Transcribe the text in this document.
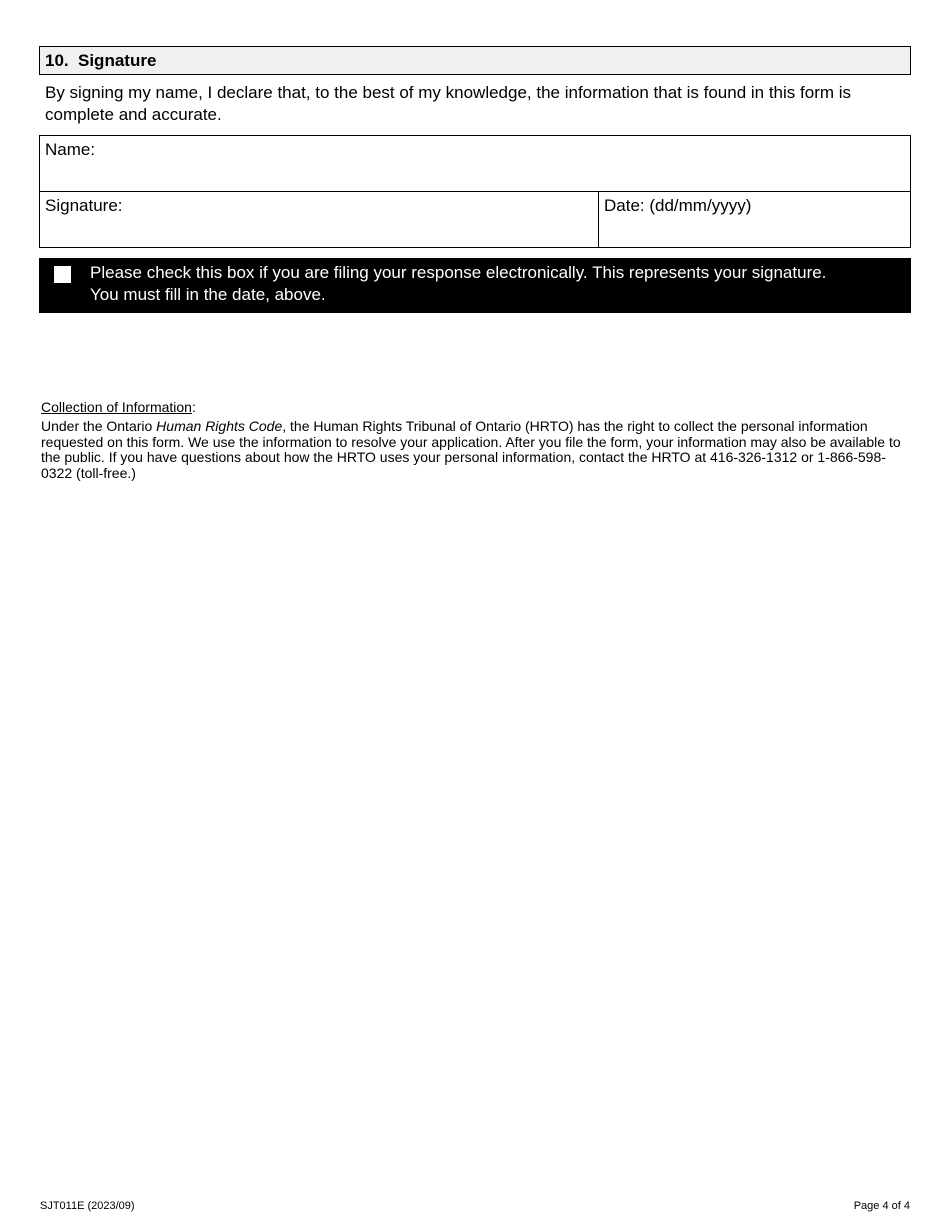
10. Signature
By signing my name, I declare that, to the best of my knowledge, the information that is found in this form is complete and accurate.
Name:
Signature:	Date: (dd/mm/yyyy)
Please check this box if you are filing your response electronically. This represents your signature.
You must fill in the date, above.
Collection of Information:
Under the Ontario Human Rights Code, the Human Rights Tribunal of Ontario (HRTO) has the right to collect the personal information requested on this form. We use the information to resolve your application. After you file the form, your information may also be available to the public. If you have questions about how the HRTO uses your personal information, contact the HRTO at 416-326-1312 or 1-866-598-0322 (toll-free.)
SJT011E (2023/09)	Page 4 of 4
